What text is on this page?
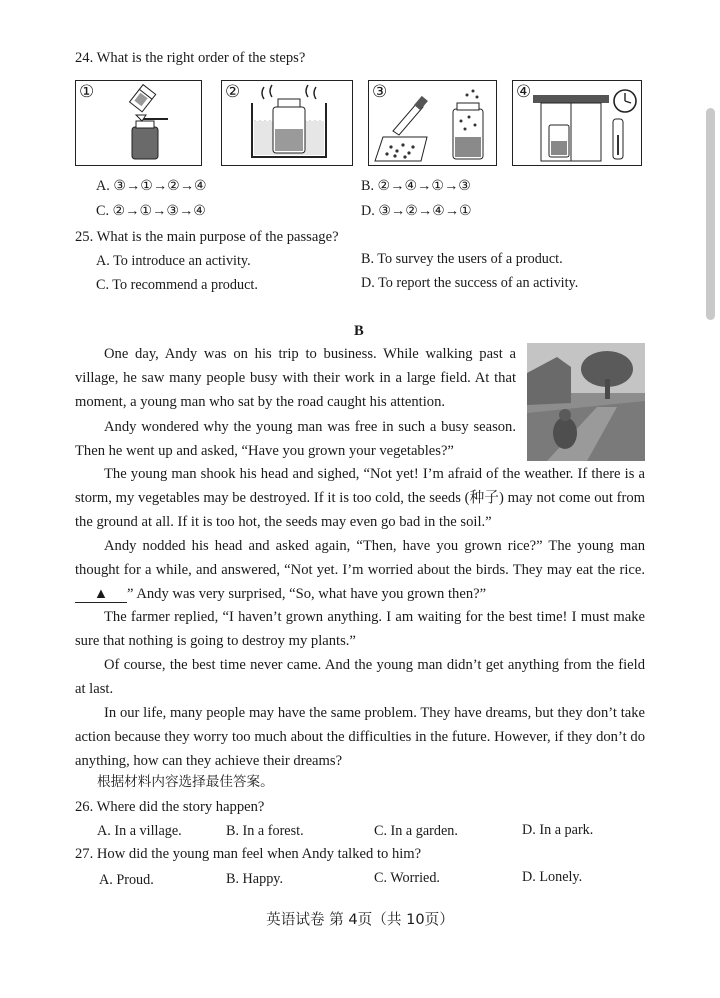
24. What is the right order of the steps?
①	②	③	④
A. ③→①→②→④	B. ②→④→①→③
C. ②→①→③→④	D. ③→②→④→①
25. What is the main purpose of the passage?
A. To introduce an activity.	B. To survey the users of a product.
C. To recommend a product.	D. To report the success of an activity.
B
One day, Andy was on his trip to business. While walking past a village, he saw many people busy with their work in a large field. At that moment, a young man who sat by the road caught his attention.
Andy wondered why the young man was free in such a busy season. Then he went up and asked, “Have you grown your vegetables?”
The young man shook his head and sighed, “Not yet! I’m afraid of the weather. If there is a storm, my vegetables may be destroyed. If it is too cold, the seeds (种子) may not come out from the ground at all. If it is too hot, the seeds may even go bad in the soil.”
Andy nodded his head and asked again, “Then, have you grown rice?” The young man thought for a while, and answered, “Not yet. I’m worried about the birds. They may eat the rice. ▲ ” Andy was very surprised, “So, what have you grown then?”
The farmer replied, “I haven’t grown anything. I am waiting for the best time! I must make sure that nothing is going to destroy my plants.”
Of course, the best time never came. And the young man didn’t get anything from the field at last.
In our life, many people may have the same problem. They have dreams, but they don’t take action because they worry too much about the difficulties in the future. However, if they don’t do anything, how can they achieve their dreams?
根据材料内容选择最佳答案。
26. Where did the story happen?
A. In a village.	B. In a forest.	C. In a garden.	D. In a park.
27. How did the young man feel when Andy talked to him?
A. Proud.	B. Happy.	C. Worried.	D. Lonely.
英语试卷 第 4页（共 10页）
